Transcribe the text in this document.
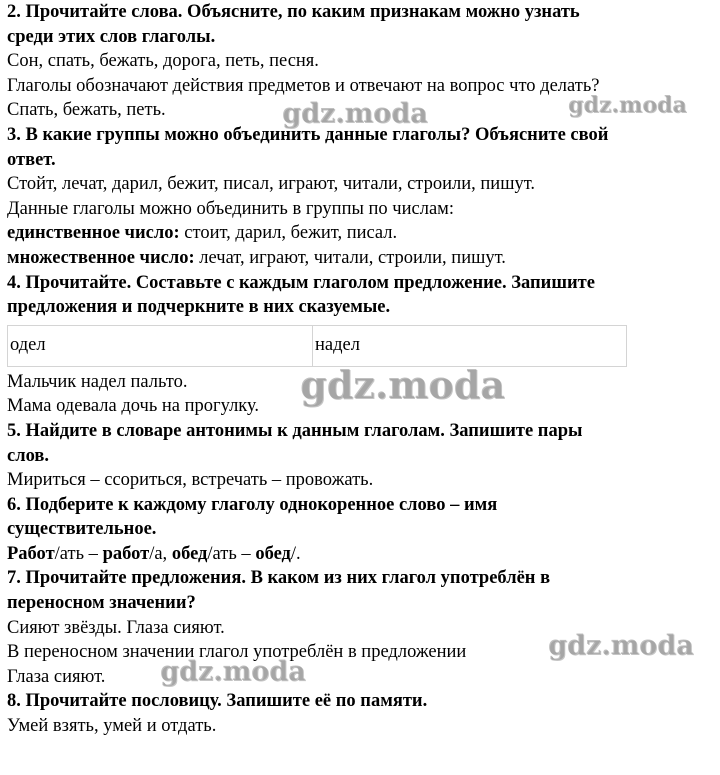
2. Прочитайте слова. Объясните, по каким признакам можно узнать
среди этих слов глаголы.
Сон, спать, бежать, дорога, петь, песня.
Глаголы обозначают действия предметов и отвечают на вопрос что делать?
Спать, бежать, петь.
3. В какие группы можно объединить данные глаголы? Объясните свой
ответ.
Стойт, лечат, дарил, бежит, писал, играют, читали, строили, пишут.
Данные глаголы можно объединить в группы по числам:
единственное число: стоит, дарил, бежит, писал.
множественное число: лечат, играют, читали, строили, пишут.
4. Прочитайте. Составьте с каждым глаголом предложение. Запишите
предложения и подчеркните в них сказуемые.
одел	надел
Мальчик надел пальто.
Мама одевала дочь на прогулку.
5. Найдите в словаре антонимы к данным глаголам. Запишите пары
слов.
Мириться – ссориться, встречать – провожать.
6. Подберите к каждому глаголу однокоренное слово – имя
существительное.
Работ/ать – работ/а, обед/ать – обед/.
7. Прочитайте предложения. В каком из них глагол употреблён в
переносном значении?
Сияют звёзды. Глаза сияют.
В переносном значении глагол употреблён в предложении
Глаза сияют.
8. Прочитайте пословицу. Запишите её по памяти.
Умей взять, умей и отдать.
gdz.moda	gdz.moda
gdz.moda
gdz.moda
gdz.moda
